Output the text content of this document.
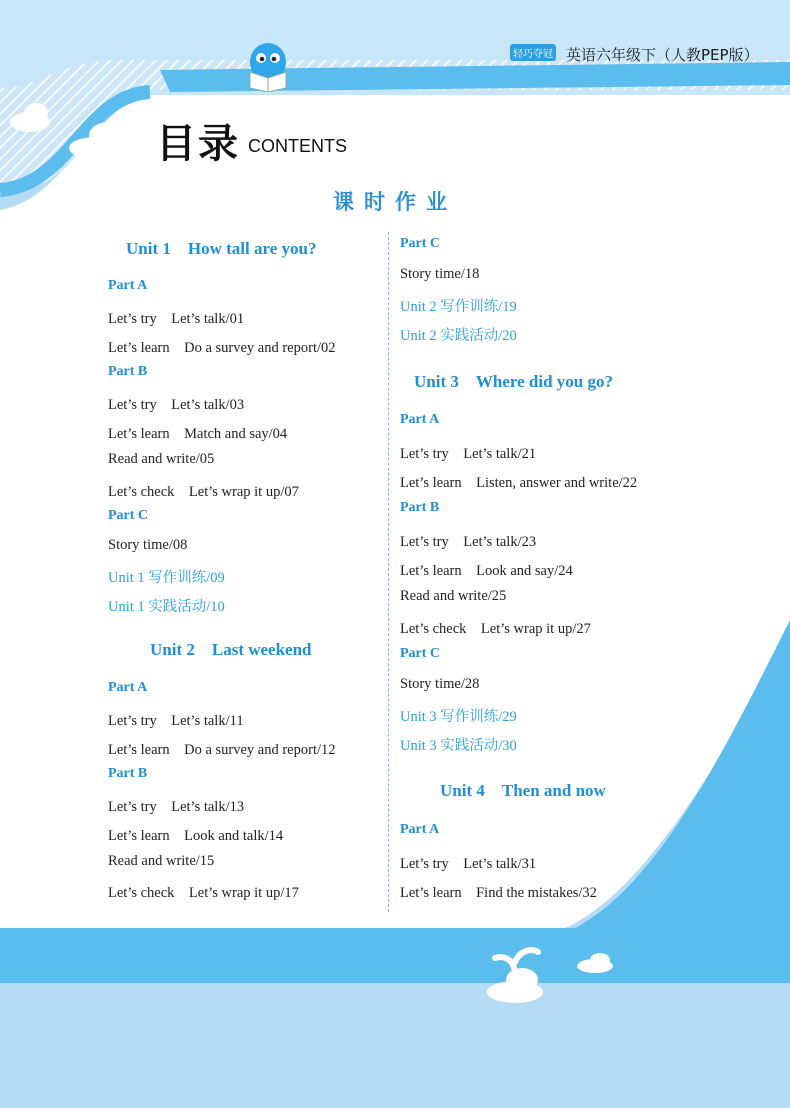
轻巧夺冠 英语六年级下（人教PEP版）
目录 CONTENTS
课时作业
Unit 1　How tall are you?
Part A
Let’s try　Let’s talk/01
Let’s learn　Do a survey and report/02
Part B
Let’s try　Let’s talk/03
Let’s learn　Match and say/04
Read and write/05
Let’s check　Let’s wrap it up/07
Part C
Story time/08
Unit 1 写作训练/09
Unit 1 实践活动/10
Unit 2　Last weekend
Part A
Let’s try　Let’s talk/11
Let’s learn　Do a survey and report/12
Part B
Let’s try　Let’s talk/13
Let’s learn　Look and talk/14
Read and write/15
Let’s check　Let’s wrap it up/17
Part C
Story time/18
Unit 2 写作训练/19
Unit 2 实践活动/20
Unit 3　Where did you go?
Part A
Let’s try　Let’s talk/21
Let’s learn　Listen, answer and write/22
Part B
Let’s try　Let’s talk/23
Let’s learn　Look and say/24
Read and write/25
Let’s check　Let’s wrap it up/27
Part C
Story time/28
Unit 3 写作训练/29
Unit 3 实践活动/30
Unit 4　Then and now
Part A
Let’s try　Let’s talk/31
Let’s learn　Find the mistakes/32
